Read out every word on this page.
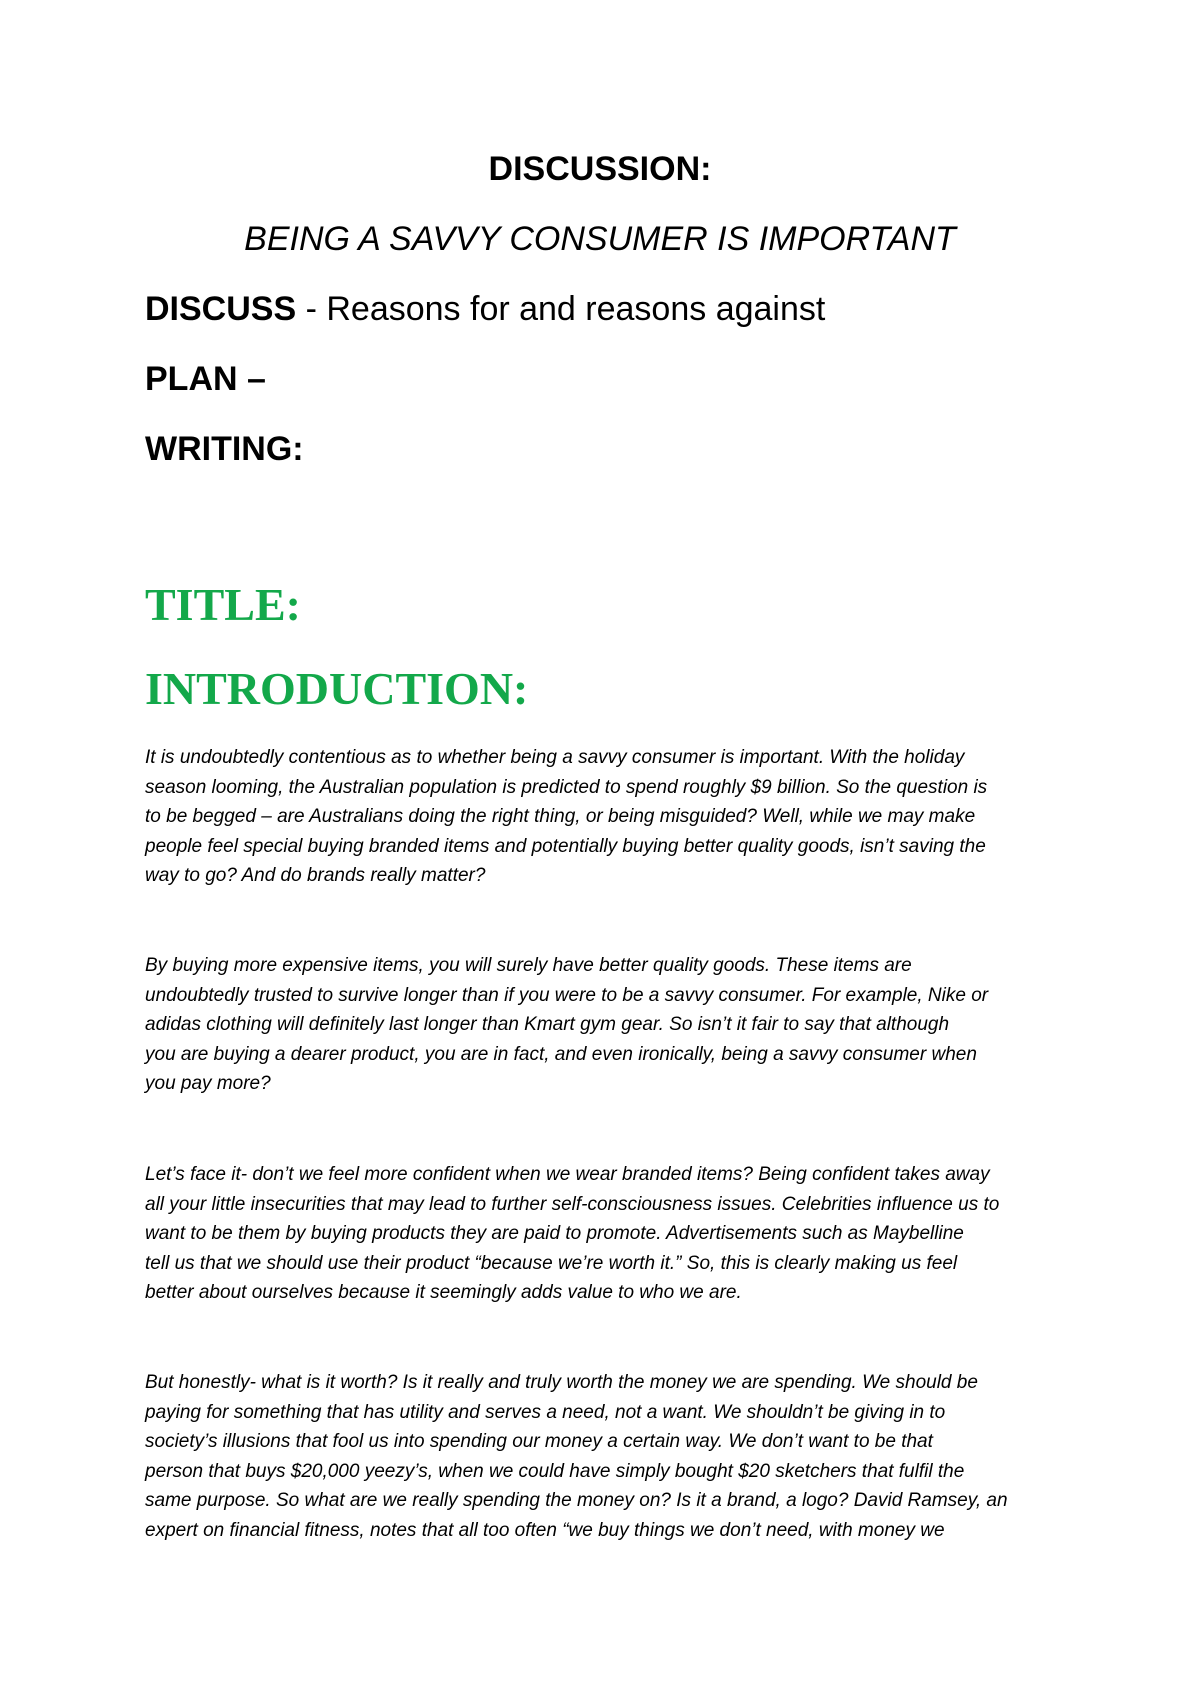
DISCUSSION:
BEING A SAVVY CONSUMER IS IMPORTANT

DISCUSS - Reasons for and reasons against

PLAN –

WRITING:

TITLE:
INTRODUCTION:
It is undoubtedly contentious as to whether being a savvy consumer is important. With the holiday
season looming, the Australian population is predicted to spend roughly $9 billion. So the question is
to be begged – are Australians doing the right thing, or being misguided? Well, while we may make
people feel special buying branded items and potentially buying better quality goods, isn’t saving the
way to go? And do brands really matter?
By buying more expensive items, you will surely have better quality goods. These items are
undoubtedly trusted to survive longer than if you were to be a savvy consumer. For example, Nike or
adidas clothing will definitely last longer than Kmart gym gear. So isn’t it fair to say that although
you are buying a dearer product, you are in fact, and even ironically, being a savvy consumer when
you pay more?
Let’s face it- don’t we feel more confident when we wear branded items? Being confident takes away
all your little insecurities that may lead to further self-consciousness issues. Celebrities influence us to
want to be them by buying products they are paid to promote. Advertisements such as Maybelline
tell us that we should use their product “because we’re worth it.” So, this is clearly making us feel
better about ourselves because it seemingly adds value to who we are.
But honestly- what is it worth? Is it really and truly worth the money we are spending. We should be
paying for something that has utility and serves a need, not a want. We shouldn’t be giving in to
society’s illusions that fool us into spending our money a certain way. We don’t want to be that
person that buys $20,000 yeezy’s, when we could have simply bought $20 sketchers that fulfil the
same purpose. So what are we really spending the money on? Is it a brand, a logo? David Ramsey, an
expert on financial fitness, notes that all too often “we buy things we don’t need, with money we
